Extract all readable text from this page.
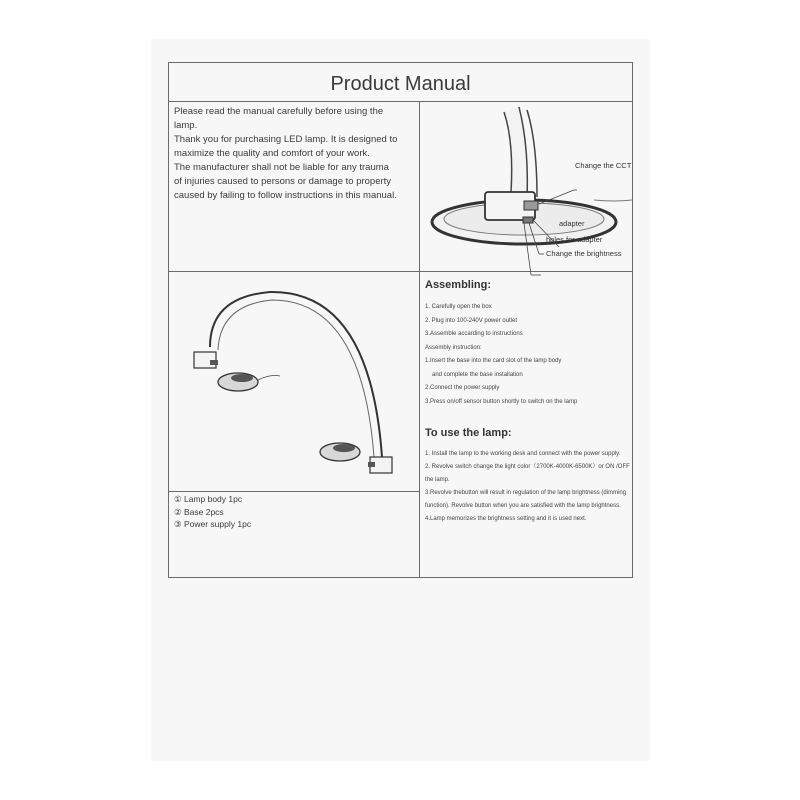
Product Manual

Please read the manual carefully before using the lamp.

Thank you for purchasing LED lamp. It is designed to maximize the quality and comfort of your work.

The manufacturer shall not be liable for any trauma of injuries caused to persons or damage to property caused by failing to follow instructions in this manual.

Change the CCT
adapter
holes for adapter
Change the brightness
① Lamp body 1pc
② Base 2pcs
③ Power supply 1pc
Assembling:
1. Carefully open the box
2. Plug into 100-240V power outlet
3.Assemble accarding to instructions
Assembly instruction:
1.Insert the base into the card slot of the lamp body
and complete the base installation
2.Connect the power supply
3.Press on/off sensor button shortly to switch on the lamp
To use the lamp:
1. Install the lamp to the working desk and connect with the power supply.
2. Revolve switch change the light color（2700K-4000K-6500K）or ON /OFF the lamp.
3.Revolve thebutton will result in regulation of the lamp brightness (dimming function). Revolve button when you are satisfied with the lamp brightness.
4.Lamp memorizes the brightness setting and it is used next.
